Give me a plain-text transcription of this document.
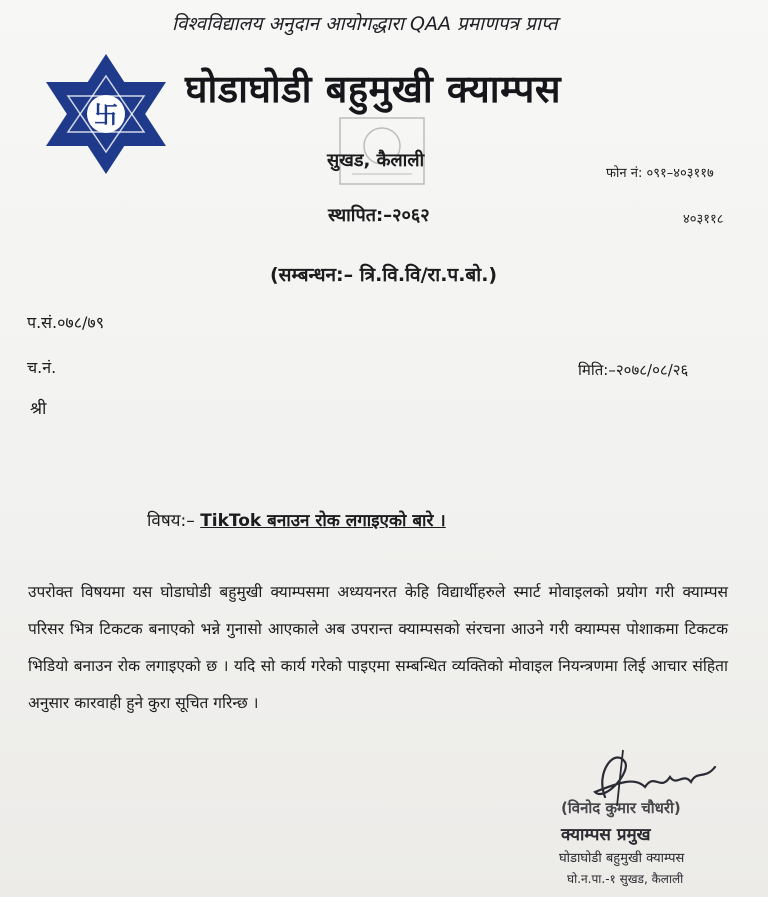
卐
विश्वविद्यालय अनुदान आयोगद्धारा QAA प्रमाणपत्र प्राप्त
घोडाघोडी बहुमुखी क्याम्पस
सुखड, कैलाली
फोन नं: ०९१–४०३११७
४०३११८
स्थापित:–२०६२
(सम्बन्धन:– त्रि.वि.वि/रा.प.बो.)
प.सं.०७८/७९
च.नं.	मिति:–२०७८/०८/२६
श्री
विषय:– TikTok बनाउन रोक लगाइएको बारे ।
उपरोक्त विषयमा यस घोडाघोडी बहुमुखी क्याम्पसमा अध्ययनरत केहि विद्यार्थीहरुले स्मार्ट मोवाइलको प्रयोग गरी क्याम्पस परिसर भित्र टिकटक बनाएको भन्ने गुनासो आएकाले अब उपरान्त क्याम्पसको संरचना आउने गरी क्याम्पस पोशाकमा टिकटक भिडियो बनाउन रोक लगाइएको छ । यदि सो कार्य गरेको पाइएमा सम्बन्धित व्यक्तिको मोवाइल नियन्त्रणमा लिई आचार संहिता अनुसार कारवाही हुने कुरा सूचित गरिन्छ ।
(विनोद कुमार चौधरी)
क्याम्पस प्रमुख
घोडाघोडी बहुमुखी क्याम्पस
घो.न.पा.-१ सुखड, कैलाली
